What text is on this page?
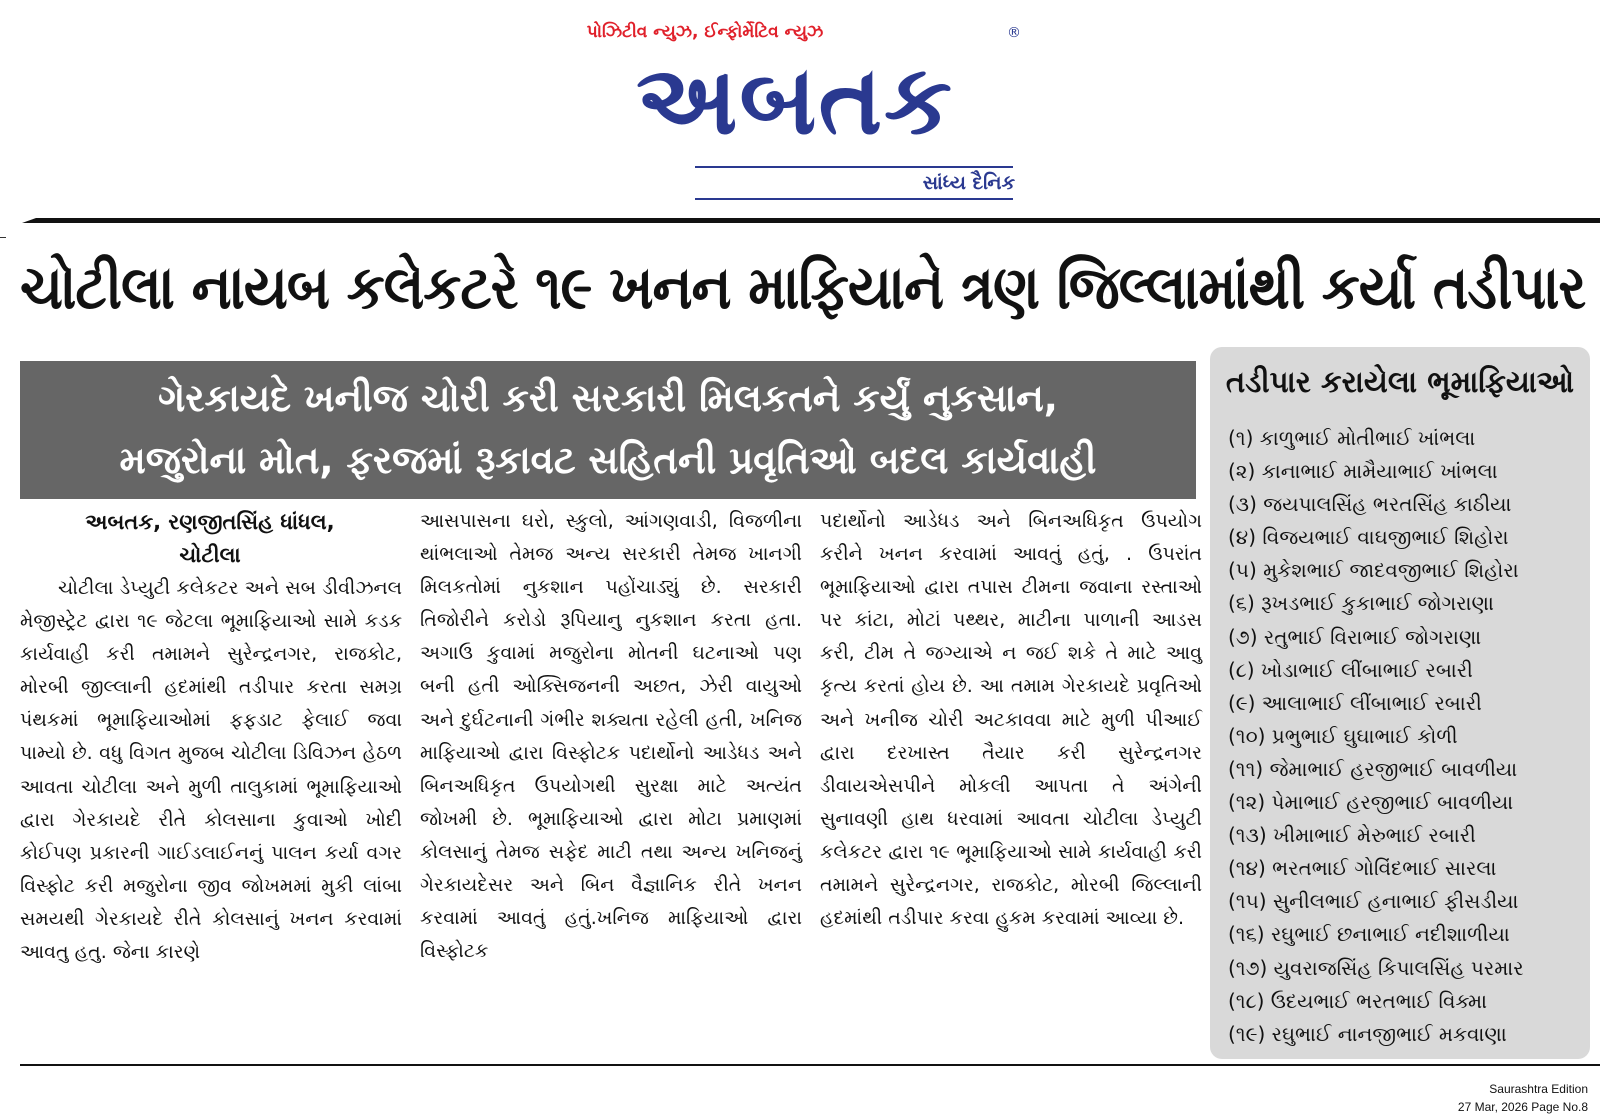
પોઝિટીવ ન્યુઝ, ઈન્ફોર્મેટિવ ન્યુઝ
અબતક
®
સાંધ્ય દૈનિક
ચોટીલા નાયબ કલેકટરે ૧૯ ખનન માફિયાને ત્રણ જિલ્લામાંથી કર્યા તડીપાર
ગેરકાયદે ખનીજ ચોરી કરી સરકારી મિલકતને કર્યું નુકસાન,
મજુરોના મોત, ફરજમાં રૂકાવટ સહિતની પ્રવૃતિઓ બદલ કાર્યવાહી
અબતક, રણજીતસિંહ ધાંધલ,
ચોટીલા

ચોટીલા ડેપ્યુટી કલેકટર અને સબ ડીવીઝનલ મેજીસ્ટ્રેટ દ્વારા ૧૯ જેટલા ભૂમાફિયાઓ સામે કડક કાર્યવાહી કરી તમામને સુરેન્દ્રનગર, રાજકોટ, મોરબી જીલ્લાની હદમાંથી તડીપાર કરતા સમગ્ર પંથકમાં ભૂમાફિયાઓમાં ફફડાટ ફેલાઈ જવા પામ્યો છે. વધુ વિગત મુજબ ચોટીલા ડિવિઝન હેઠળ આવતા ચોટીલા અને મુળી તાલુકામાં ભૂમાફિયાઓ દ્વારા ગેરકાયદે રીતે કોલસાના કુવાઓ ખોદી કોઈપણ પ્રકારની ગાઈડલાઈનનું પાલન કર્યા વગર વિસ્ફોટ કરી મજુરોના જીવ જોખમમાં મુકી લાંબા સમયથી ગેરકાયદે રીતે કોલસાનું ખનન કરવામાં આવતુ હતુ. જેના કારણે

આસપાસના ઘરો, સ્કુલો, આંગણવાડી, વિજળીના થાંભલાઓ તેમજ અન્ય સરકારી તેમજ ખાનગી મિલકતોમાં નુકશાન પહોંચાડ્યું છે. સરકારી તિજોરીને કરોડો રૂપિયાનુ નુકશાન કરતા હતા. અગાઉ કુવામાં મજુરોના મોતની ઘટનાઓ પણ બની હતી ઓક્સિજનની અછત, ઝેરી વાયુઓ અને દુર્ઘટનાની ગંભીર શક્યતા રહેલી હતી, ખનિજ માફિયાઓ દ્વારા વિસ્ફોટક પદાર્થોનો આડેધડ અને બિનઅધિકૃત ઉપયોગથી સુરક્ષા માટે અત્યંત જોખમી છે. ભૂમાફિયાઓ દ્વારા મોટા પ્રમાણમાં કોલસાનું તેમજ સફેદ માટી તથા અન્ય ખનિજનું ગેરકાયદેસર અને બિન વૈજ્ઞાનિક રીતે ખનન કરવામાં આવતું હતું.ખનિજ માફિયાઓ દ્વારા વિસ્ફોટક

પદાર્થોનો આડેધડ અને બિનઅધિકૃત ઉપયોગ કરીને ખનન કરવામાં આવતું હતું, . ઉપરાંત ભૂમાફિયાઓ દ્વારા તપાસ ટીમના જવાના રસ્તાઓ પર કાંટા, મોટાં પથ્થર, માટીના પાળાની આડસ કરી, ટીમ તે જગ્યાએ ન જઈ શકે તે માટે આવુ કૃત્ય કરતાં હોય છે. આ તમામ ગેરકાયદે પ્રવૃતિઓ અને ખનીજ ચોરી અટકાવવા માટે મુળી પીઆઈ દ્વારા દરખાસ્ત તૈયાર કરી સુરેન્દ્રનગર ડીવાયએસપીને મોકલી આપતા તે અંગેની સુનાવણી હાથ ધરવામાં આવતા ચોટીલા ડેપ્યુટી કલેકટર દ્વારા ૧૯ ભૂમાફિયાઓ સામે કાર્યવાહી કરી તમામને સુરેન્દ્રનગર, રાજકોટ, મોરબી જિલ્લાની હદમાંથી તડીપાર કરવા હુકમ કરવામાં આવ્યા છે.

તડીપાર કરાયેલા ભૂમાફિયાઓ
(૧) કાળુભાઈ મોતીભાઈ ખાંભલા
(૨) કાનાભાઈ મામૈયાભાઈ ખાંભલા
(૩) જયપાલસિંહ ભરતસિંહ કાઠીયા
(૪) વિજયભાઈ વાઘજીભાઈ શિહોરા
(૫) મુકેશભાઈ જાદવજીભાઈ શિહોરા
(૬) રૂખડભાઈ કુકાભાઈ જોગરાણા
(૭) રતુભાઈ વિરાભાઈ જોગરાણા
(૮) ખોડાભાઈ લીંબાભાઈ રબારી
(૯) આલાભાઈ લીંબાભાઈ રબારી
(૧૦) પ્રભુભાઈ ઘુઘાભાઈ કોળી
(૧૧) જેમાભાઈ હરજીભાઈ બાવળીયા
(૧૨) પેમાભાઈ હરજીભાઈ બાવળીયા
(૧૩) ખીમાભાઈ મેરુભાઈ રબારી
(૧૪) ભરતભાઈ ગોવિંદભાઈ સારલા
(૧૫) સુનીલભાઈ હનાભાઈ ફીસડીયા
(૧૬) રઘુભાઈ છનાભાઈ નદીશાળીયા
(૧૭) યુવરાજસિંહ કિપાલસિંહ પરમાર
(૧૮) ઉદયભાઈ ભરતભાઈ વિક્મા
(૧૯) રઘુભાઈ નાનજીભાઈ મકવાણા
Saurashtra Edition
27 Mar, 2026 Page No.8
